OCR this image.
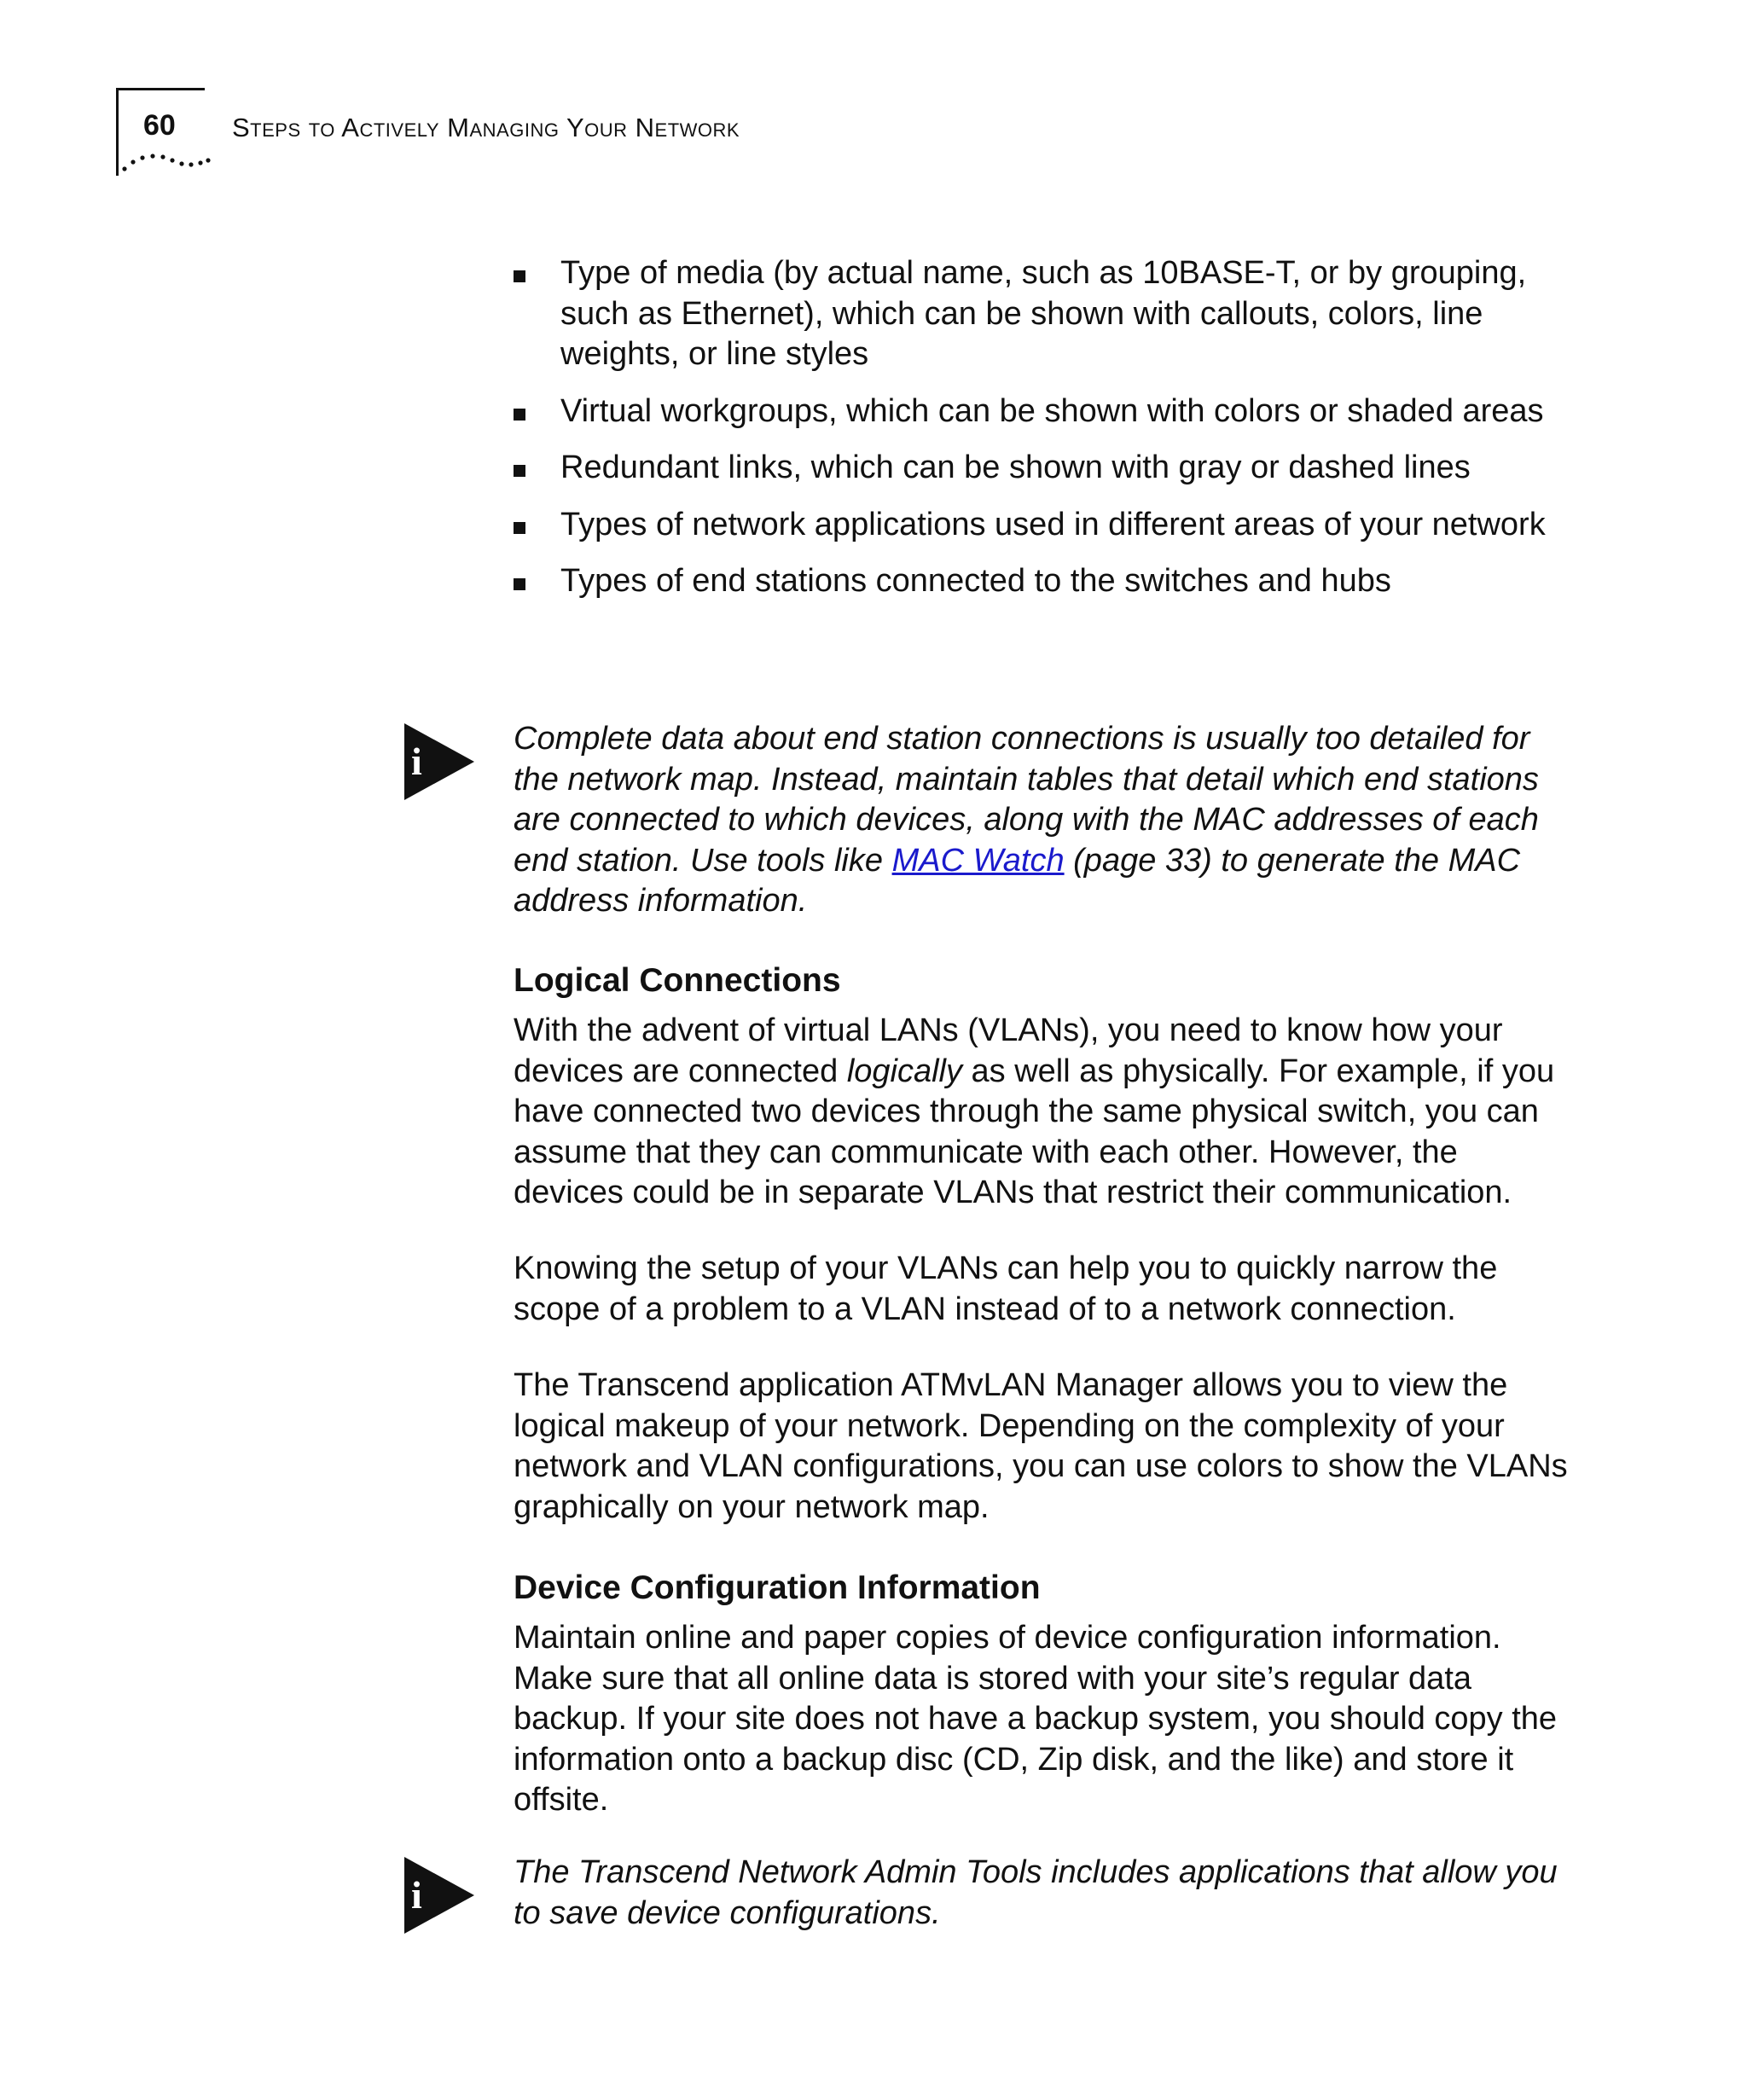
60 Steps to Actively Managing Your Network
Type of media (by actual name, such as 10BASE-T, or by grouping, such as Ethernet), which can be shown with callouts, colors, line weights, or line styles
Virtual workgroups, which can be shown with colors or shaded areas
Redundant links, which can be shown with gray or dashed lines
Types of network applications used in different areas of your network
Types of end stations connected to the switches and hubs
i

Complete data about end station connections is usually too detailed for the network map. Instead, maintain tables that detail which end stations are connected to which devices, along with the MAC addresses of each end station. Use tools like MAC Watch (page 33) to generate the MAC address information.

Logical Connections

With the advent of virtual LANs (VLANs), you need to know how your devices are connected logically as well as physically. For example, if you have connected two devices through the same physical switch, you can assume that they can communicate with each other. However, the devices could be in separate VLANs that restrict their communication.

Knowing the setup of your VLANs can help you to quickly narrow the scope of a problem to a VLAN instead of to a network connection.

The Transcend application ATMvLAN Manager allows you to view the logical makeup of your network. Depending on the complexity of your network and VLAN configurations, you can use colors to show the VLANs graphically on your network map.

Device Configuration Information

Maintain online and paper copies of device configuration information. Make sure that all online data is stored with your site’s regular data backup. If your site does not have a backup system, you should copy the information onto a backup disc (CD, Zip disk, and the like) and store it offsite.

i

The Transcend Network Admin Tools includes applications that allow you to save device configurations.
